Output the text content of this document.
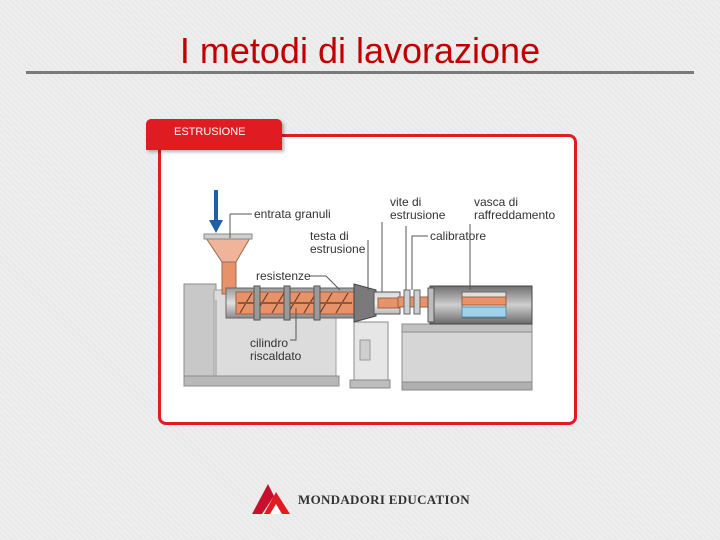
I metodi di lavorazione
ESTRUSIONE
entrata granuli
testa di
estrusione
resistenze
cilindro
riscaldato
vite di
estrusione
vasca di
raffreddamento
calibratore
MONDADORI EDUCATION
